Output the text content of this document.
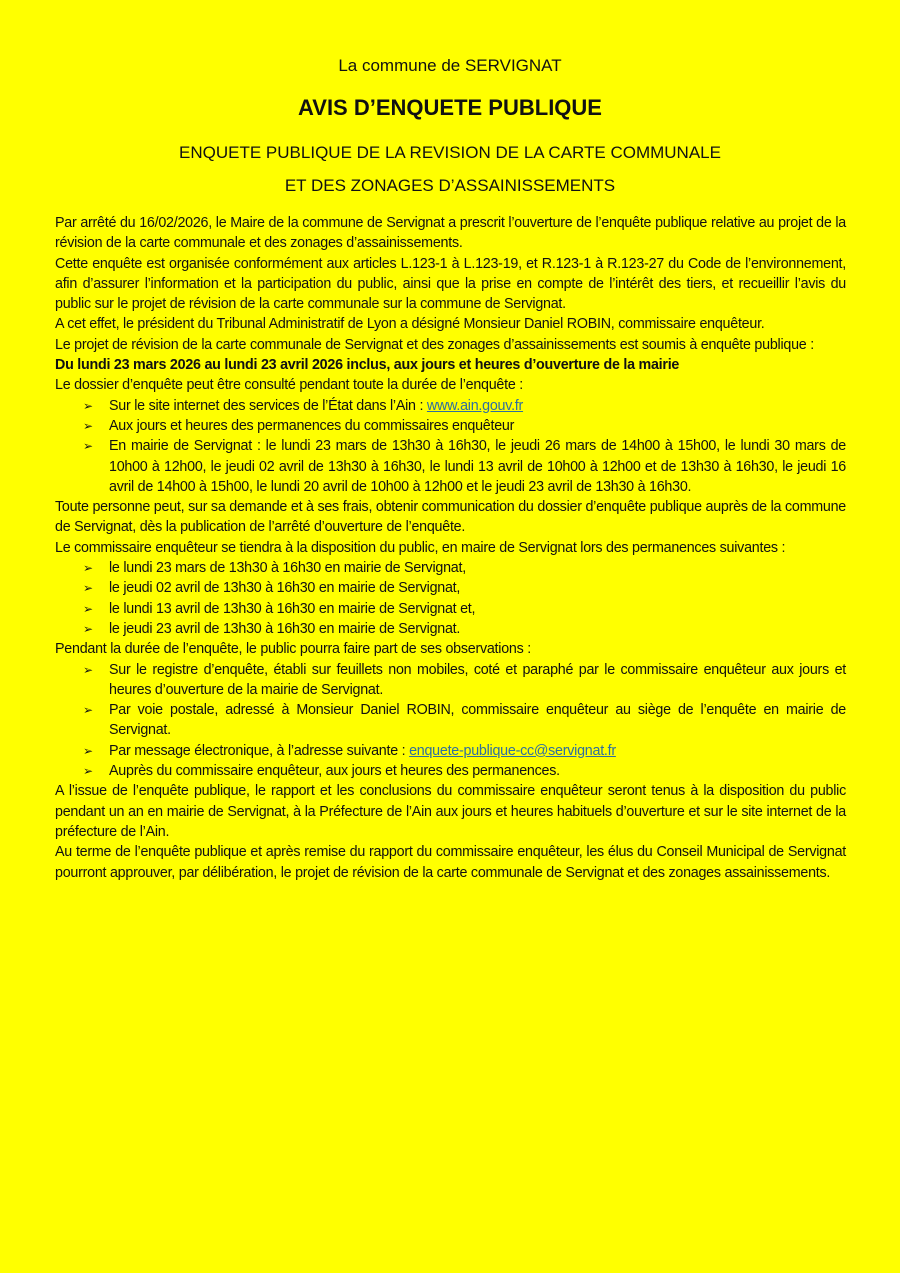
La commune de SERVIGNAT
AVIS D’ENQUETE PUBLIQUE
ENQUETE PUBLIQUE DE LA REVISION DE LA CARTE COMMUNALE
ET DES ZONAGES D’ASSAINISSEMENTS

Par arrêté du 16/02/2026, le Maire de la commune de Servignat a prescrit l’ouverture de l’enquête publique relative au projet de la révision de la carte communale et des zonages d’assainissements.

Cette enquête est organisée conformément aux articles L.123-1 à L.123-19, et R.123-1 à R.123-27 du Code de l’environnement, afin d’assurer l’information et la participation du public, ainsi que la prise en compte de l’intérêt des tiers, et recueillir l’avis du public sur le projet de révision de la carte communale sur la commune de Servignat.

A cet effet, le président du Tribunal Administratif de Lyon a désigné Monsieur Daniel ROBIN, commissaire enquêteur.

Le projet de révision de la carte communale de Servignat et des zonages d’assainissements est soumis à enquête publique :

Du lundi 23 mars 2026 au lundi 23 avril 2026 inclus, aux jours et heures d’ouverture de la mairie

Le dossier d’enquête peut être consulté pendant toute la durée de l’enquête :

➢ Sur le site internet des services de l’État dans l’Ain : www.ain.gouv.fr
➢ Aux jours et heures des permanences du commissaires enquêteur
➢ En mairie de Servignat : le lundi 23 mars de 13h30 à 16h30, le jeudi 26 mars de 14h00 à 15h00, le lundi 30 mars de 10h00 à 12h00, le jeudi 02 avril de 13h30 à 16h30, le lundi 13 avril de 10h00 à 12h00 et de 13h30 à 16h30, le jeudi 16 avril de 14h00 à 15h00, le lundi 20 avril de 10h00 à 12h00 et le jeudi 23 avril de 13h30 à 16h30.

Toute personne peut, sur sa demande et à ses frais, obtenir communication du dossier d’enquête publique auprès de la commune de Servignat, dès la publication de l’arrêté d’ouverture de l’enquête.

Le commissaire enquêteur se tiendra à la disposition du public, en maire de Servignat lors des permanences suivantes :

➢ le lundi 23 mars de 13h30 à 16h30 en mairie de Servignat,
➢ le jeudi 02 avril de 13h30 à 16h30 en mairie de Servignat,
➢ le lundi 13 avril de 13h30 à 16h30 en mairie de Servignat et,
➢ le jeudi 23 avril de 13h30 à 16h30 en mairie de Servignat.

Pendant la durée de l’enquête, le public pourra faire part de ses observations :

➢ Sur le registre d’enquête, établi sur feuillets non mobiles, coté et paraphé par le commissaire enquêteur aux jours et heures d’ouverture de la mairie de Servignat.
➢ Par voie postale, adressé à Monsieur Daniel ROBIN, commissaire enquêteur au siège de l’enquête en mairie de Servignat.
➢ Par message électronique, à l’adresse suivante : enquete-publique-cc@servignat.fr
➢ Auprès du commissaire enquêteur, aux jours et heures des permanences.

A l’issue de l’enquête publique, le rapport et les conclusions du commissaire enquêteur seront tenus à la disposition du public pendant un an en mairie de Servignat, à la Préfecture de l’Ain aux jours et heures habituels d’ouverture et sur le site internet de la préfecture de l’Ain.

Au terme de l’enquête publique et après remise du rapport du commissaire enquêteur, les élus du Conseil Municipal de Servignat pourront approuver, par délibération, le projet de révision de la carte communale de Servignat et des zonages assainissements.
